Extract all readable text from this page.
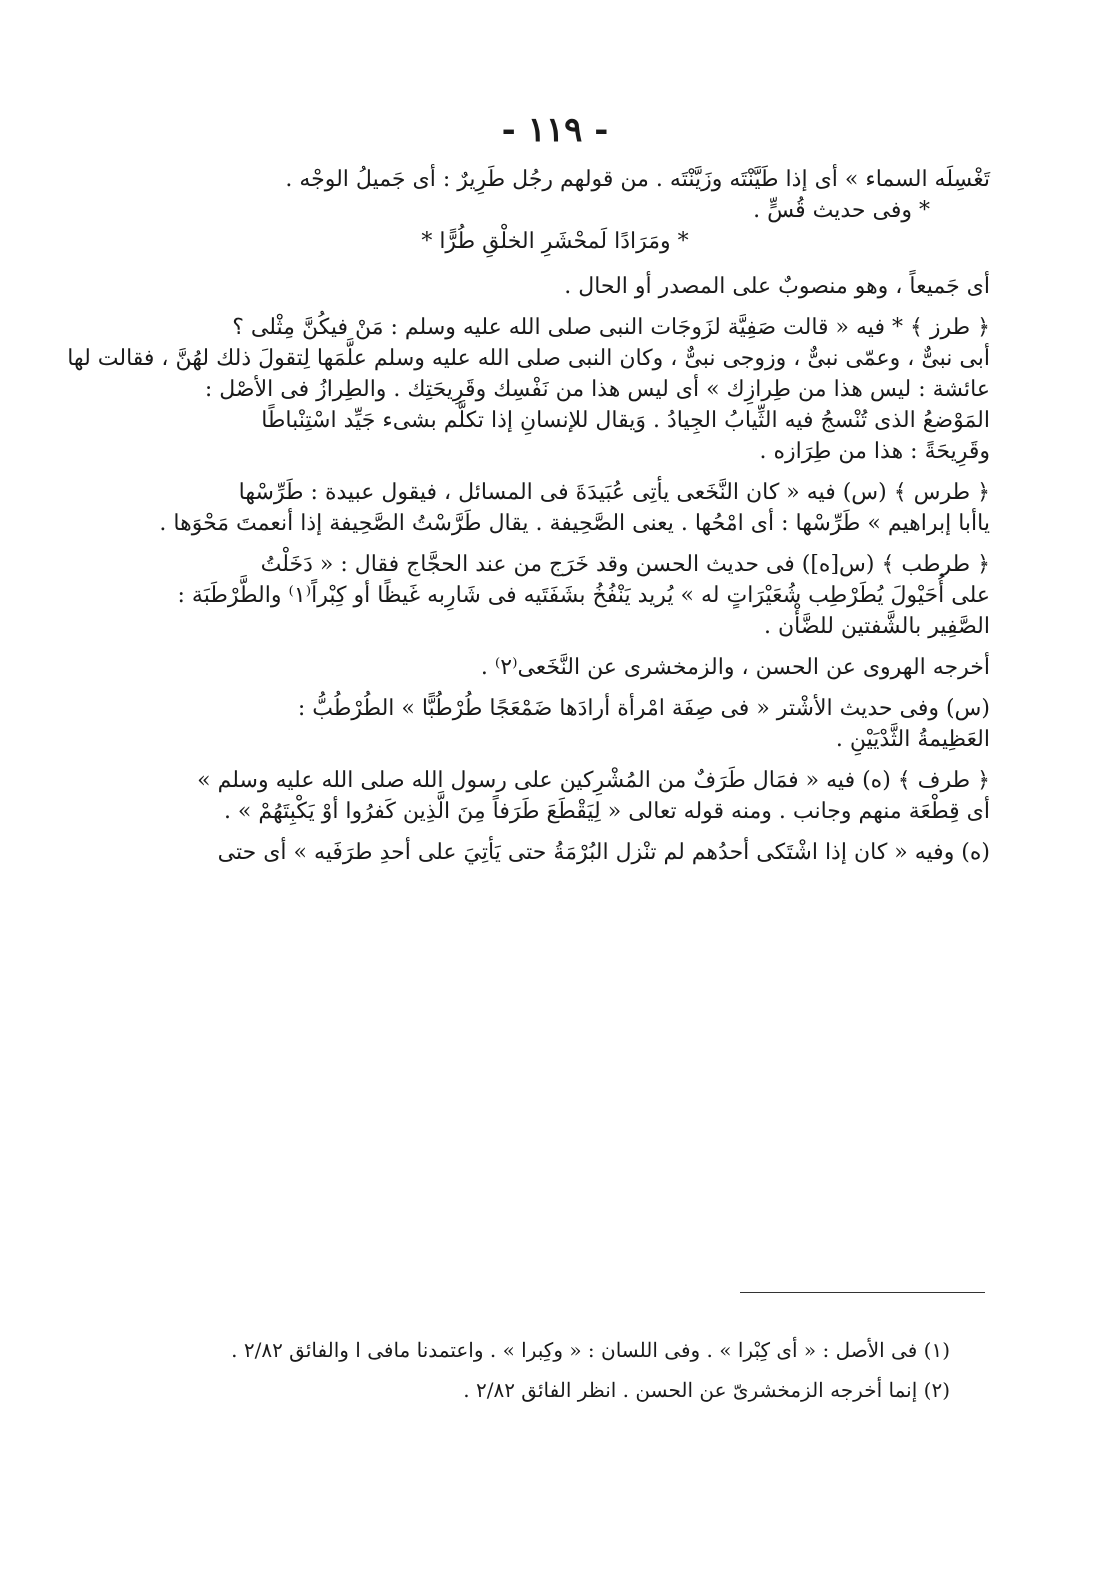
- ١١٩ -

تَغْسِلَه السماء » أى إذا طَيَّنْتَه وزَيَّنْتَه . من قولهم رجُل طَرِيرٌ : أى جَميلُ الوجْه .

* وفى حديث قُسٍّ .

* ومَرَادًا لَمحْشَرِ الخلْقِ طُرًّا *

أى جَميعاً ، وهو منصوبٌ على المصدر أو الحال .

﴿ طرز ﴾ * فيه « قالت صَفِيَّة لزَوجَات النبى صلى الله عليه وسلم : مَنْ فيكُنَّ مِثْلى ؟

أبى نبىٌّ ، وعمّى نبىٌّ ، وزوجى نبىٌّ ، وكان النبى صلى الله عليه وسلم علَّمَها لِتقولَ ذلك لهُنَّ ، فقالت لها

عائشة : ليس هذا من طِرازِك » أى ليس هذا من نَفْسِك وقَرِيحَتِك . والطِرازُ فى الأصْل :

المَوْضعُ الذى تُنْسجُ فيه الثِّيابُ الجِيادُ . وَيقال للإنسانِ إذا تكلَّم بشىء جَيِّد اسْتِنْباطًا

وقَرِيحَةً : هذا من طِرَازه .

﴿ طرس ﴾ (س) فيه « كان النَّخَعى يأتِى عُبَيدَةَ فى المسائل ، فيقول عبيدة : طَرِّسْها

ياأبا إبراهيم » طَرِّسْها : أى امْحُها . يعنى الصَّحِيفة . يقال طَرَّسْتُ الصَّحِيفة إذا أنعمتَ مَحْوَها .

﴿ طرطب ﴾ (س[ه]) فى حديث الحسن وقد خَرَج من عند الحجَّاج فقال : « دَخَلْتُ

على أُحَيْولَ يُطَرْطِب شُعَيْرَاتٍ له » يُريد يَنْفُخُ بشَفَتَيه فى شَارِبه غَيظًا أو كِبْراً⁽١⁾ والطَّرْطَبَة :

الصَّفِير بالشَّفتين للضَّأْن .

أخرجه الهروى عن الحسن ، والزمخشرى عن النَّخَعى⁽٢⁾ .

(س) وفى حديث الأشْتر « فى صِفَة امْرأة أرادَها ضَمْعَجًا طُرْطُبًّا » الطُرْطُبُّ :

العَظِيمةُ الثَّدْيَيْنِ .

﴿ طرف ﴾ (ه) فيه « فمَال طَرَفٌ من المُشْرِكين على رسول الله صلى الله عليه وسلم »

أى قِطْعَة منهم وجانب . ومنه قوله تعالى « لِيَقْطَعَ طَرَفاً مِنَ الَّذِين كَفرُوا أوْ يَكْبِتَهُمْ » .

(ه) وفيه « كان إذا اشْتَكى أحدُهم لم تنْزل البُرْمَةُ حتى يَأتِيَ على أحدِ طرَفَيه » أى حتى

(١) فى الأصل : « أى كِبْرا » . وفى اللسان : « وكِبرا » . واعتمدنا مافى ا والفائق ٢/٨٢ .
(٢) إنما أخرجه الزمخشرىّ عن الحسن . انظر الفائق ٢/٨٢ .
